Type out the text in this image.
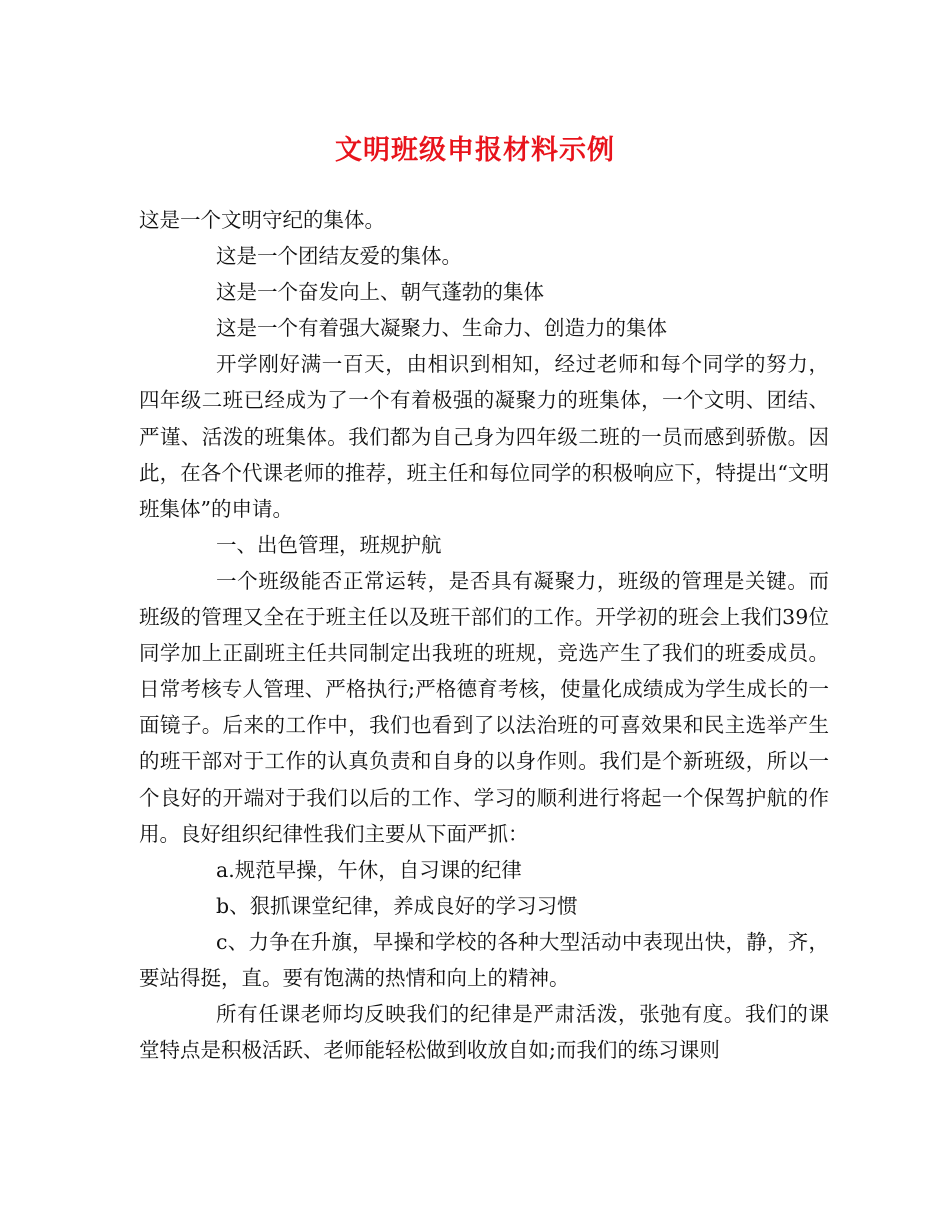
文明班级申报材料示例

这是一个文明守纪的集体。

这是一个团结友爱的集体。

这是一个奋发向上、朝气蓬勃的集体

这是一个有着强大凝聚力、生命力、创造力的集体

开学刚好满一百天，由相识到相知，经过老师和每个同学的努力，四年级二班已经成为了一个有着极强的凝聚力的班集体，一个文明、团结、严谨、活泼的班集体。我们都为自己身为四年级二班的一员而感到骄傲。因此，在各个代课老师的推荐，班主任和每位同学的积极响应下，特提出“文明班集体”的申请。

一、出色管理，班规护航

一个班级能否正常运转，是否具有凝聚力，班级的管理是关键。而班级的管理又全在于班主任以及班干部们的工作。开学初的班会上我们39位同学加上正副班主任共同制定出我班的班规，竞选产生了我们的班委成员。日常考核专人管理、严格执行;严格德育考核，使量化成绩成为学生成长的一面镜子。后来的工作中，我们也看到了以法治班的可喜效果和民主选举产生的班干部对于工作的认真负责和自身的以身作则。我们是个新班级，所以一个良好的开端对于我们以后的工作、学习的顺利进行将起一个保驾护航的作用。良好组织纪律性我们主要从下面严抓：

a.规范早操，午休，自习课的纪律

b、狠抓课堂纪律，养成良好的学习习惯

c、力争在升旗，早操和学校的各种大型活动中表现出快，静，齐，要站得挺，直。要有饱满的热情和向上的精神。

所有任课老师均反映我们的纪律是严肃活泼，张弛有度。我们的课堂特点是积极活跃、老师能轻松做到收放自如;而我们的练习课则
